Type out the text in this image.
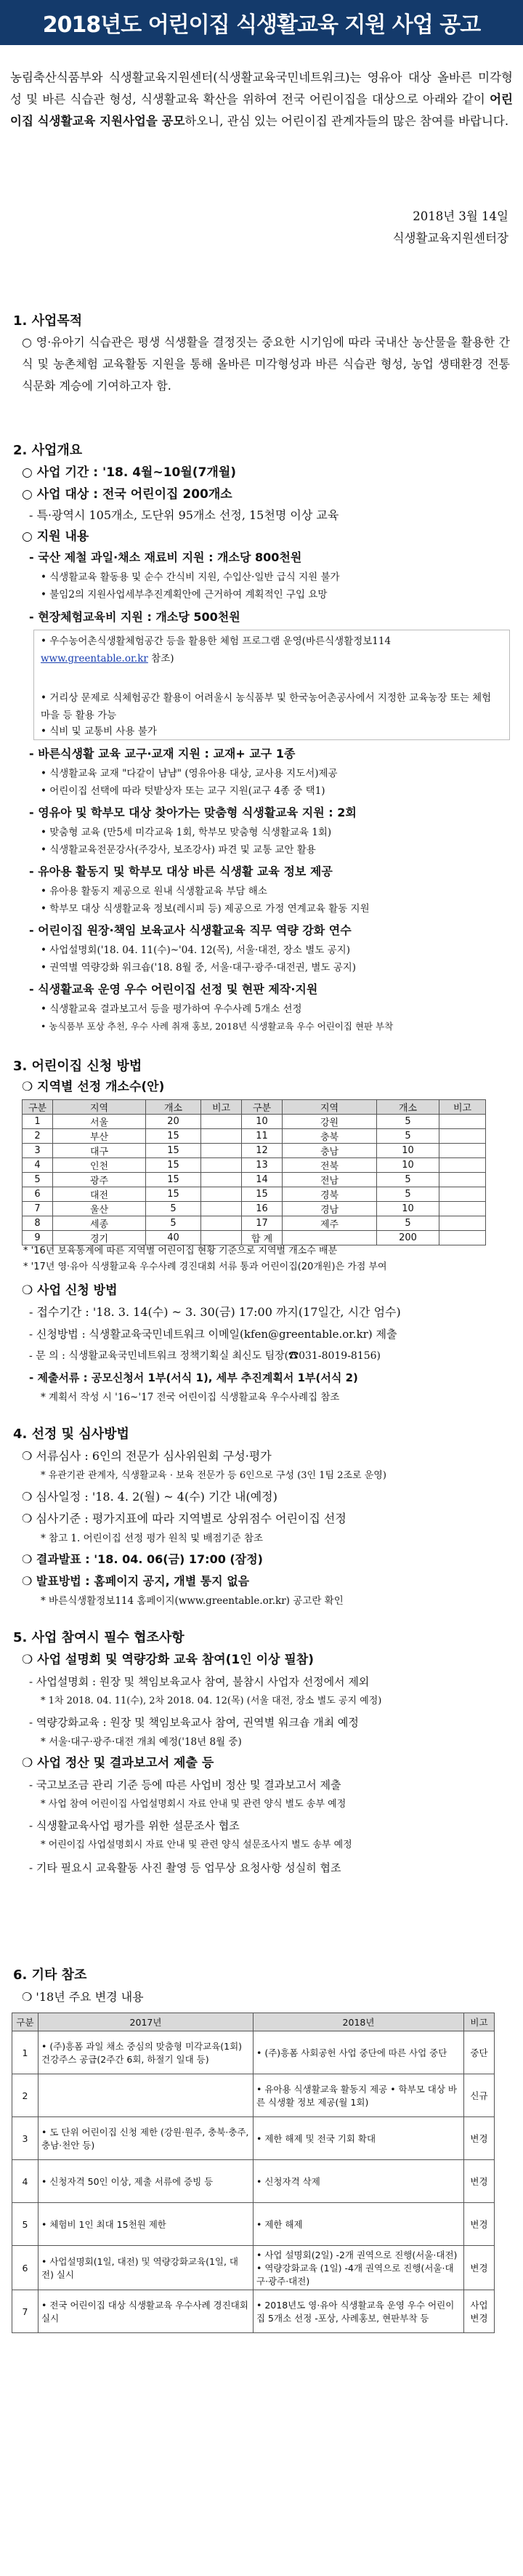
2018년도 어린이집 식생활교육 지원 사업 공고
농림축산식품부와 식생활교육지원센터(식생활교육국민네트워크)는 영유아 대상 올바른 미각형성 및 바른 식습관 형성, 식생활교육 확산을 위하여 전국 어린이집을 대상으로 아래와 같이 어린이집 식생활교육 지원사업을 공모하오니, 관심 있는 어린이집 관계자들의 많은 참여를 바랍니다.
2018년 3월 14일
식생활교육지원센터장
1. 사업목적
○ 영·유아기 식습관은 평생 식생활을 결정짓는 중요한 시기임에 따라 국내산 농산물을 활용한 간식 및 농촌체험 교육활동 지원을 통해 올바른 미각형성과 바른 식습관 형성, 농업 생태환경 전통 식문화 계승에 기여하고자 함.
2. 사업개요
○ 사업 기간 : '18. 4월~10월(7개월)
○ 사업 대상 : 전국 어린이집 200개소
- 특·광역시 105개소, 도단위 95개소 선정, 15천명 이상 교육
○ 지원 내용
- 국산 제철 과일·채소 재료비 지원 : 개소당 800천원
• 식생활교육 활동용 및 순수 간식비 지원, 수입산·일반 급식 지원 불가
• 불임2의 지원사업세부추진계획안에 근거하여 계획적인 구입 요망
- 현장체험교육비 지원 : 개소당 500천원
• 우수농어촌식생활체험공간 등을 활용한 체험 프로그램 운영(바른식생활정보114 www.greentable.or.kr 참조)
• 거리상 문제로 식체험공간 활용이 어려울시 농식품부 및 한국농어촌공사에서 지정한 교육농장 또는 체험마을 등 활용 가능
• 식비 및 교통비 사용 불가
- 바른식생활 교육 교구·교재 지원 : 교재+ 교구 1종
• 식생활교육 교재 "다같이 냠냠" (영유아용 대상, 교사용 지도서)제공
• 어린이집 선택에 따라 텃밭상자 또는 교구 지원(교구 4종 중 택1)
- 영유아 및 학부모 대상 찾아가는 맞춤형 식생활교육 지원 : 2회
• 맞춤형 교육 (만5세 미각교육 1회, 학부모 맞춤형 식생활교육 1회)
• 식생활교육전문강사(주강사, 보조강사) 파견 및 교통 교안 활용
- 유아용 활동지 및 학부모 대상 바른 식생활 교육 정보 제공
• 유아용 활동지 제공으로 원내 식생활교육 부담 해소
• 학부모 대상 식생활교육 정보(레시피 등) 제공으로 가정 연계교육 활동 지원
- 어린이집 원장·책임 보육교사 식생활교육 직무 역량 강화 연수
• 사업설명회('18. 04. 11(수)~'04. 12(목), 서울·대전, 장소 별도 공지)
• 권역별 역량강화 워크숍('18. 8월 중, 서울·대구·광주·대전권, 별도 공지)
- 식생활교육 운영 우수 어린이집 선정 및 현판 제작·지원
• 식생활교육 결과보고서 등을 평가하여 우수사례 5개소 선정
• 농식품부 포상 추천, 우수 사례 취재 홍보, 2018년 식생활교육 우수 어린이집 현판 부착
3. 어린이집 신청 방법
❍ 지역별 선정 개소수(안)
구분	지역	개소	비고	구분	지역	개소	비고
1	서울	20		10	강원	5	
2	부산	15		11	충북	5	
3	대구	15		12	충남	10	
4	인천	15		13	전북	10	
5	광주	15		14	전남	5	
6	대전	15		15	경북	5	
7	울산	5		16	경남	10	
8	세종	5		17	제주	5	
9	경기	40		합 계		200	
* '16년 보육통계에 따른 지역별 어린이집 현황 기준으로 지역별 개소수 배분
* '17년 영·유아 식생활교육 우수사례 경진대회 서류 통과 어린이집(20개원)은 가점 부여
❍ 사업 신청 방법
- 접수기간 : '18. 3. 14(수) ~ 3. 30(금) 17:00 까지(17일간, 시간 엄수)
- 신청방법 : 식생활교육국민네트워크 이메일(kfen@greentable.or.kr) 제출
- 문 의 : 식생활교육국민네트워크 정책기획실 최신도 팀장(☎031-8019-8156)
- 제출서류 : 공모신청서 1부(서식 1), 세부 추진계획서 1부(서식 2)
* 계획서 작성 시 '16~'17 전국 어린이집 식생활교육 우수사례집 참조
4. 선정 및 심사방법
❍ 서류심사 : 6인의 전문가 심사위원회 구성·평가
* 유관기관 관계자, 식생활교육 · 보육 전문가 등 6인으로 구성 (3인 1팀 2조로 운영)
❍ 심사일정 : '18. 4. 2(월) ~ 4(수) 기간 내(예정)
❍ 심사기준 : 평가지표에 따라 지역별로 상위점수 어린이집 선정
* 참고 1. 어린이집 선정 평가 원칙 및 배점기준 참조
❍ 결과발표 : '18. 04. 06(금) 17:00 (잠정)
❍ 발표방법 : 홈페이지 공지, 개별 통지 없음
* 바른식생활정보114 홈페이지(www.greentable.or.kr) 공고란 확인
5. 사업 참여시 필수 협조사항
❍ 사업 설명회 및 역량강화 교육 참여(1인 이상 필참)
- 사업설명회 : 원장 및 책임보육교사 참여, 불참시 사업자 선정에서 제외
* 1차 2018. 04. 11(수), 2차 2018. 04. 12(목) (서울 대전, 장소 별도 공지 예정)
- 역량강화교육 : 원장 및 책임보육교사 참여, 권역별 워크숍 개최 예정
* 서울·대구·광주·대전 개최 예정('18년 8월 중)
❍ 사업 정산 및 결과보고서 제출 등
- 국고보조금 관리 기준 등에 따른 사업비 정산 및 결과보고서 제출
* 사업 참여 어린이집 사업설명회시 자료 안내 및 관련 양식 별도 송부 예정
- 식생활교육사업 평가를 위한 설문조사 협조
* 어린이집 사업설명회시 자료 안내 및 관련 양식 설문조사지 별도 송부 예정
- 기타 필요시 교육활동 사진 촬영 등 업무상 요청사항 성실히 협조
6. 기타 참조
❍ '18년 주요 변경 내용
구분	2017년	2018년	비고
1	• (주)흥폼 과일 채소 중심의 맞춤형 미각교육(1회) 건강주스 공급(2주간 6회, 하절기 일대 등)	• (주)흥폼 사회공헌 사업 중단에 따른 사업 중단	중단
2		• 유아용 식생활교육 활동지 제공 • 학부모 대상 바른 식생활 정보 제공(월 1회)	신규
3	• 도 단위 어린이집 신청 제한 (강원·원주, 충북·충주, 충남·천안 등)	• 제한 해제 및 전국 기회 확대	변경
4	• 신청자격 50인 이상, 제출 서류에 증빙 등	• 신청자격 삭제	변경
5	• 체험비 1인 최대 15천원 제한	• 제한 해제	변경
6	• 사업설명회(1일, 대전) 및 역량강화교육(1일, 대전) 실시	• 사업 설명회(2일) -2개 권역으로 진행(서울·대전) • 역량강화교육 (1일) -4개 권역으로 진행(서울·대구·광주·대전)	변경
7	• 전국 어린이집 대상 식생활교육 우수사례 경진대회 실시	• 2018년도 영·유아 식생활교육 운영 우수 어린이집 5개소 선정 -포상, 사례홍보, 현판부착 등	사업변경
